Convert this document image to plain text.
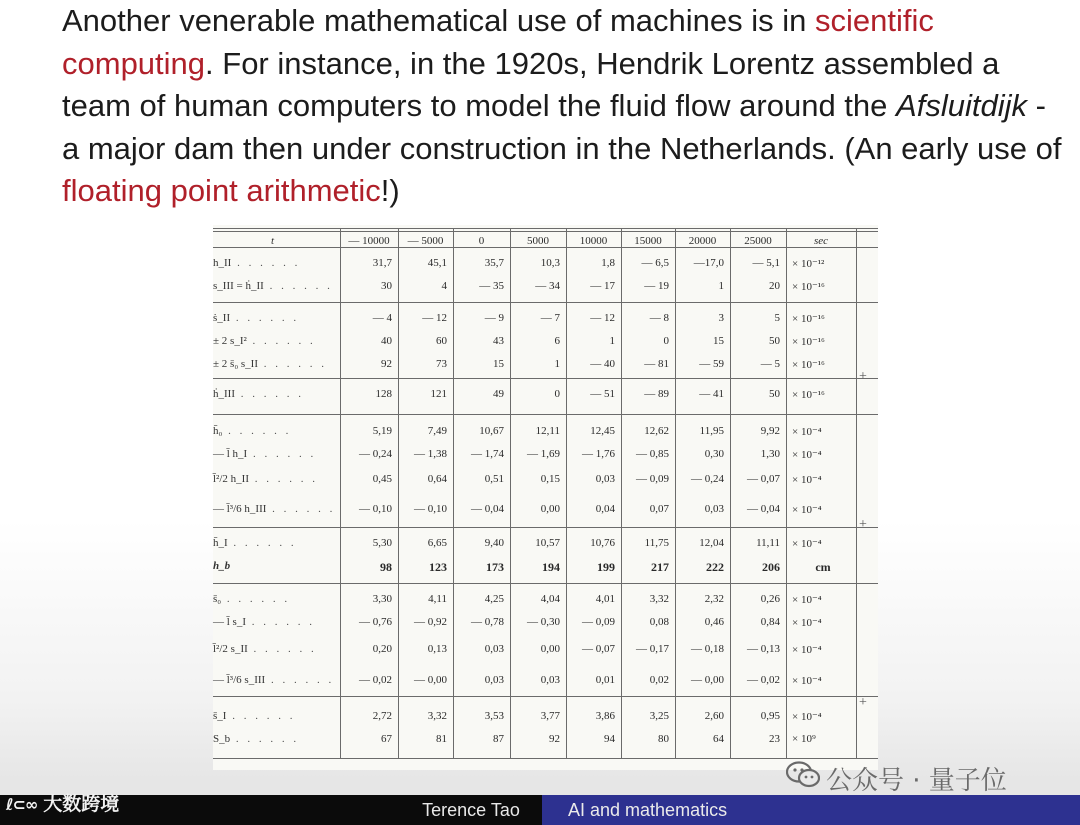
Another venerable mathematical use of machines is in scientific computing. For instance, in the 1920s, Hendrik Lorentz assembled a team of human computers to model the fluid flow around the Afsluitdijk - a major dam then under construction in the Netherlands. (An early use of floating point arithmetic!)
t	— 10000	— 5000	0	5000	10000	15000	20000	25000	sec
h_II . . . . . .	31,7	45,1	35,7	10,3	1,8	— 6,5	—17,0	— 5,1 × 10⁻¹²
s_III = ḣ_II . . . . . .	30	4	— 35	— 34	— 17	— 19	1	20 × 10⁻¹⁶
ṡ_II . . . . . .	— 4	— 12	— 9	— 7	— 12	— 8	3	5 × 10⁻¹⁶
± 2 s_I² . . . . . .	40	60	43	6	1	0	15	50 × 10⁻¹⁶
± 2 s̄₀ s_II . . . . . .	92	73	15	1	— 40	— 81	— 59	— 5 × 10⁻¹⁶
ḣ_III . . . . . .	128	121	49	0	— 51	— 89	— 41	50 × 10⁻¹⁶
h̄₀ . . . . . .	5,19	7,49	10,67	12,11	12,45	12,62	11,95	9,92 × 10⁻⁴
— l̄ h_I . . . . . .	— 0,24	— 1,38	— 1,74	— 1,69	— 1,76	— 0,85	0,30	1,30 × 10⁻⁴
l̄²/2 h_II . . . . . .	0,45	0,64	0,51	0,15	0,03	— 0,09	— 0,24	— 0,07 × 10⁻⁴
— l̄³/6 h_III . . . . . .	— 0,10	— 0,10	— 0,04	0,00	0,04	0,07	0,03	— 0,04 × 10⁻⁴
h̄_I . . . . . .	5,30	6,65	9,40	10,57	10,76	11,75	12,04	11,11 × 10⁻⁴
h_b	98	123	173	194	199	217	222	206	cm
s̄₀ . . . . . .	3,30	4,11	4,25	4,04	4,01	3,32	2,32	0,26 × 10⁻⁴
— l̄ s_I . . . . . .	— 0,76	— 0,92	— 0,78	— 0,30	— 0,09	0,08	0,46	0,84 × 10⁻⁴
l̄²/2 s_II . . . . . .	0,20	0,13	0,03	0,00	— 0,07	— 0,17	— 0,18	— 0,13 × 10⁻⁴
— l̄³/6 s_III . . . . . .	— 0,02	— 0,00	0,03	0,03	0,01	0,02	— 0,00	— 0,02 × 10⁻⁴
s̄_I . . . . . .	2,72	3,32	3,53	3,77	3,86	3,25	2,60	0,95 × 10⁻⁴
S_b . . . . . .	67	81	87	92	94	80	64	23 × 10⁹
+
+
+
Terence Tao	AI and mathematics
ℓ⊂∞ 大数跨境
公众号 · 量子位
